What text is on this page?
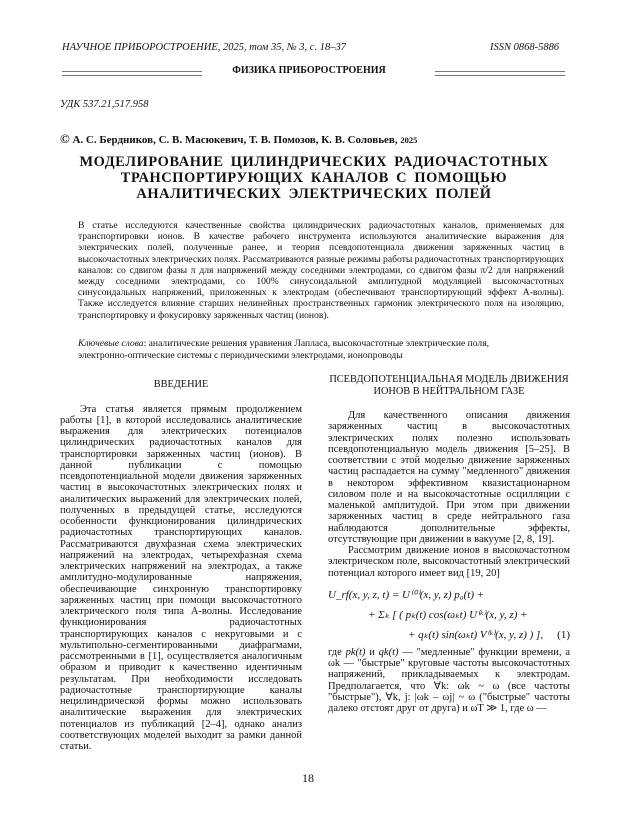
НАУЧНОЕ ПРИБОРОСТРОЕНИЕ, 2025, том 35, № 3, с. 18–37	ISSN 0868-5886
ФИЗИКА ПРИБОРОСТРОЕНИЯ
УДК 537.21,517.958
© А. С. Бердников, С. В. Масюкевич, Т. В. Помозов, К. В. Соловьев, 2025
МОДЕЛИРОВАНИЕ ЦИЛИНДРИЧЕСКИХ РАДИОЧАСТОТНЫХ ТРАНСПОРТИРУЮЩИХ КАНАЛОВ С ПОМОЩЬЮ АНАЛИТИЧЕСКИХ ЭЛЕКТРИЧЕСКИХ ПОЛЕЙ
В статье исследуются качественные свойства цилиндрических радиочастотных каналов, применяемых для транспортировки ионов. В качестве рабочего инструмента используются аналитические выражения для электрических полей, полученные ранее, и теория псевдопотенциала движения заряженных частиц в высокочастотных электрических полях. Рассматриваются разные режимы работы радиочастотных транспортирующих каналов: со сдвигом фазы π для напряжений между соседними электродами, со сдвигом фазы π/2 для напряжений между соседними электродами, со 100% синусоидальной амплитудной модуляцией высокочастотных синусоидальных напряжений, приложенных к электродам (обеспечивают транспортирующий эффект А-волны). Также исследуется влияние старших нелинейных пространственных гармоник электрического поля на изоляцию, транспортировку и фокусировку заряженных частиц (ионов).
Ключевые слова: аналитические решения уравнения Лапласа, высокочастотные электрические поля, электронно-оптические системы с периодическими электродами, ионопроводы

ВВЕДЕНИЕ

Эта статья является прямым продолжением работы [1], в которой исследовались аналитические выражения для электрических потенциалов цилиндрических радиочастотных каналов для транспортировки заряженных частиц (ионов). В данной публикации с помощью псевдопотенциальной модели движения заряженных частиц в высокочастотных электрических полях и аналитических выражений для электрических полей, полученных в предыдущей статье, исследуются особенности функционирования цилиндрических радиочастотных транспортирующих каналов. Рассматриваются двухфазная схема электрических напряжений на электродах, четырехфазная схема электрических напряжений на электродах, а также амплитудно-модулированные напряжения, обеспечивающие синхронную транспортировку заряженных частиц при помощи высокочастотного электрического поля типа А-волны. Исследование функционирования радиочастотных транспортирующих каналов с некруговыми и с мультипольно-сегментированными диафрагмами, рассмотренными в [1], осуществляется аналогичным образом и приводит к качественно идентичным результатам. При необходимости исследовать радиочастотные транспортирующие каналы нецилиндрической формы можно использовать аналитические выражения для электрических потенциалов из публикаций [2–4], однако анализ соответствующих моделей выходит за рамки данной статьи.

ПСЕВДОПОТЕНЦИАЛЬНАЯ МОДЕЛЬ ДВИЖЕНИЯ ИОНОВ В НЕЙТРАЛЬНОМ ГАЗЕ

Для качественного описания движения заряженных частиц в высокочастотных электрических полях полезно использовать псевдопотенциальную модель движения [5–25]. В соответствии с этой моделью движение заряженных частиц распадается на сумму "медленного" движения в некотором эффективном квазистационарном силовом поле и на высокочастотные осцилляции с маленькой амплитудой. При этом при движении заряженных частиц в среде нейтрального газа наблюдаются дополнительные эффекты, отсутствующие при движении в вакууме [2, 8, 19].

Рассмотрим движение ионов в высокочастотном электрическом поле, высокочастотный электрический потенциал которого имеет вид [19, 20]

U_rf(x, y, z, t) = U⁽⁰⁾(x, y, z) p₀(t) +
+ Σₖ [ ( pₖ(t) cos(ωₖt) U⁽ᵏ⁾(x, y, z) +
+ qₖ(t) sin(ωₖt) V⁽ᵏ⁾(x, y, z) ) ], (1)

где pk(t) и qk(t) — "медленные" функции времени, а ωk — "быстрые" круговые частоты высокочастотных напряжений, прикладываемых к электродам. Предполагается, что ∀k: ωk ~ ω (все частоты "быстрые"), ∀k, j: |ωk – ωj| ~ ω ("быстрые" частоты далеко отстоят друг от друга) и ωT ≫ 1, где ω —

18
